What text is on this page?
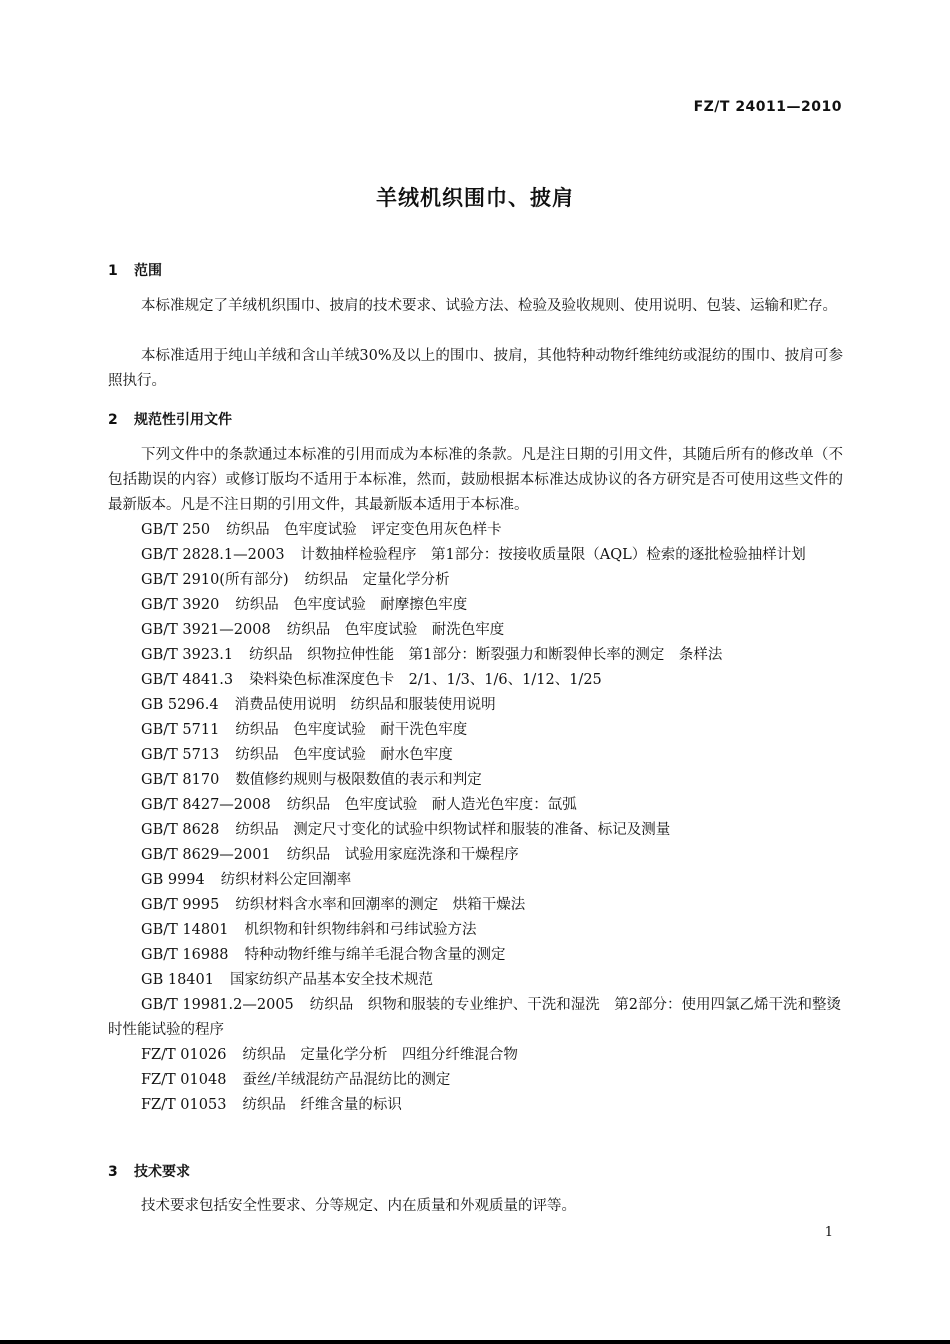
FZ/T 24011—2010
羊绒机织围巾、披肩
1 范围

本标准规定了羊绒机织围巾、披肩的技术要求、试验方法、检验及验收规则、使用说明、包装、运输和贮存。

本标准适用于纯山羊绒和含山羊绒30%及以上的围巾、披肩，其他特种动物纤维纯纺或混纺的围巾、披肩可参照执行。

2 规范性引用文件

下列文件中的条款通过本标准的引用而成为本标准的条款。凡是注日期的引用文件，其随后所有的修改单（不包括勘误的内容）或修订版均不适用于本标准，然而，鼓励根据本标准达成协议的各方研究是否可使用这些文件的最新版本。凡是不注日期的引用文件，其最新版本适用于本标准。

GB/T 250 纺织品　色牢度试验　评定变色用灰色样卡
GB/T 2828.1—2003 计数抽样检验程序　第1部分：按接收质量限（AQL）检索的逐批检验抽样计划
GB/T 2910(所有部分) 纺织品　定量化学分析
GB/T 3920 纺织品　色牢度试验　耐摩擦色牢度
GB/T 3921—2008 纺织品　色牢度试验　耐洗色牢度
GB/T 3923.1 纺织品　织物拉伸性能　第1部分：断裂强力和断裂伸长率的测定　条样法
GB/T 4841.3 染料染色标准深度色卡　2/1、1/3、1/6、1/12、1/25
GB 5296.4 消费品使用说明　纺织品和服装使用说明
GB/T 5711 纺织品　色牢度试验　耐干洗色牢度
GB/T 5713 纺织品　色牢度试验　耐水色牢度
GB/T 8170 数值修约规则与极限数值的表示和判定
GB/T 8427—2008 纺织品　色牢度试验　耐人造光色牢度：氙弧
GB/T 8628 纺织品　测定尺寸变化的试验中织物试样和服装的准备、标记及测量
GB/T 8629—2001 纺织品　试验用家庭洗涤和干燥程序
GB 9994 纺织材料公定回潮率
GB/T 9995 纺织材料含水率和回潮率的测定　烘箱干燥法
GB/T 14801 机织物和针织物纬斜和弓纬试验方法
GB/T 16988 特种动物纤维与绵羊毛混合物含量的测定
GB 18401 国家纺织产品基本安全技术规范
GB/T 19981.2—2005 纺织品　织物和服装的专业维护、干洗和湿洗　第2部分：使用四氯乙烯干洗和整烫时性能试验的程序
FZ/T 01026 纺织品　定量化学分析　四组分纤维混合物
FZ/T 01048 蚕丝/羊绒混纺产品混纺比的测定
FZ/T 01053 纺织品　纤维含量的标识
3 技术要求

技术要求包括安全性要求、分等规定、内在质量和外观质量的评等。

1
